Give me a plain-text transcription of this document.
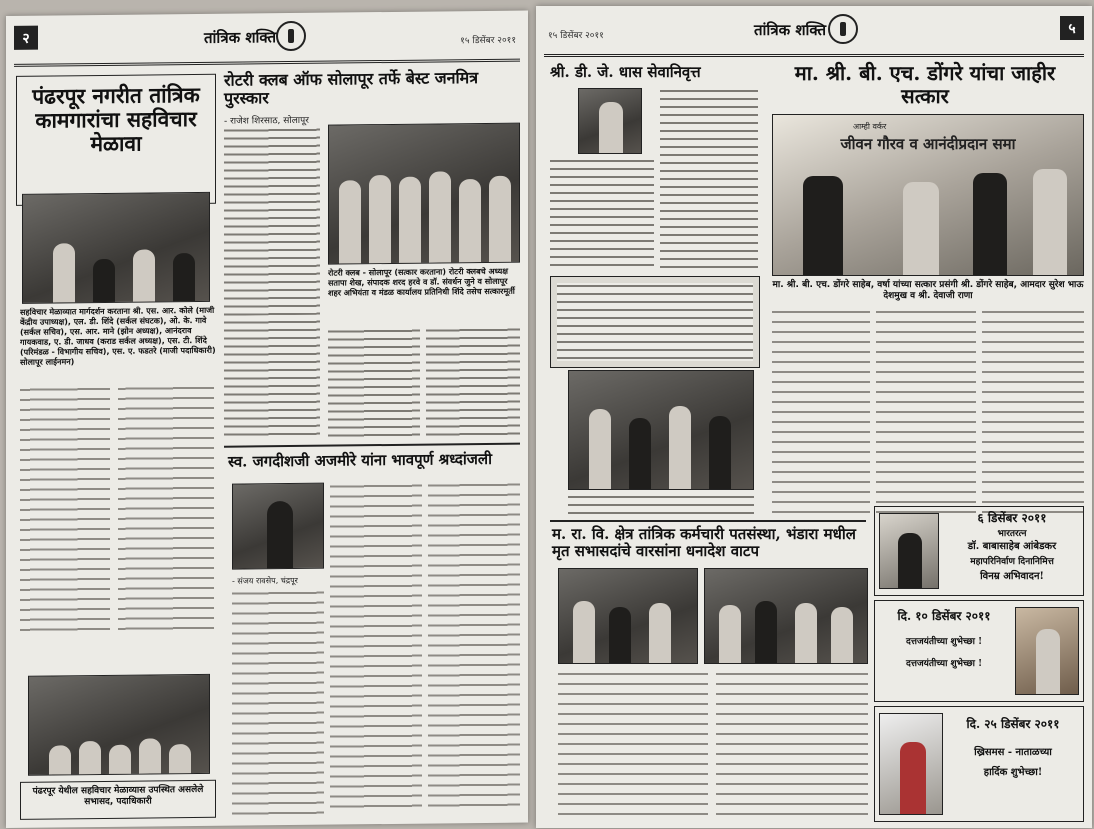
२	तांत्रिक शक्ति	१५ डिसेंबर २०११
पंढरपूर नगरीत तांत्रिक कामगारांचा सहविचार मेळावा
सहविचार मेळाव्यात मार्गदर्शन करताना श्री. एस. आर. कोले (माजी केंद्रीय उपाध्यक्ष), एल. डी. शिंदे (सर्कल संघटक), ओ. के. गावे (सर्कल सचिव), एस. आर. माने (झोन अध्यक्ष), आनंदराव गायकवाड, ए. डी. जाधव (कराड सर्कल अध्यक्ष), एस. टी. शिंदे (परिमंडळ - विभागीय सचिव), एस. ए. फडतरे (माजी पदाधिकारी) सोलापूर लाईनमन)
पंढरपूर येथील सहविचार मेळाव्यास उपस्थित असलेले सभासद, पदाधिकारी
रोटरी क्लब ऑफ सोलापूर तर्फे बेस्ट जनमित्र पुरस्कार
- राजेश शिरसाठ, सोलापूर
रोटरी क्लब - सोलापूर (सत्कार करताना) रोटरी क्लबचे अध्यक्ष सतापा शेख, संपादक शरद हरवे व डॉ. संवर्धन जुने व सोलापूर शहर अभियंता व मंडळ कार्यालय प्रतिनिधी शिंदे तसेच सत्कारमूर्ती
स्व. जगदीशजी अजमीरे यांना भावपूर्ण श्रध्दांजली
- संजय रावसेप, चंद्रपूर
१५ डिसेंबर २०११	तांत्रिक शक्ति	५
श्री. डी. जे. धास सेवानिवृत्त	मा. श्री. बी. एच. डोंगरे यांचा जाहीर सत्कार
जीवन गौरव व आनंदीप्रदान समा
आम्ही वर्कर
मा. श्री. बी. एच. डोंगरे साहेब, वर्षा यांच्या सत्कार प्रसंगी श्री. डोंगरे साहेब, आमदार सुरेश भाऊ देशमुख व श्री. देवाजी राणा
म. रा. वि. क्षेत्र तांत्रिक कर्मचारी पतसंस्था, भंडारा मधील मृत सभासदांचे वारसांना धनादेश वाटप
६ डिसेंबर २०११
भारतरत्न
डॉ. बाबासाहेब आंबेडकर
महापरिनिर्वाण दिनानिमित्त
विनम्र अभिवादन!
दि. १० डिसेंबर २०११
दत्तजयंतीच्या शुभेच्छा !
दत्तजयंतीच्या शुभेच्छा !
दि. २५ डिसेंबर २०११
ख्रिसमस - नाताळच्या
हार्दिक शुभेच्छा!
